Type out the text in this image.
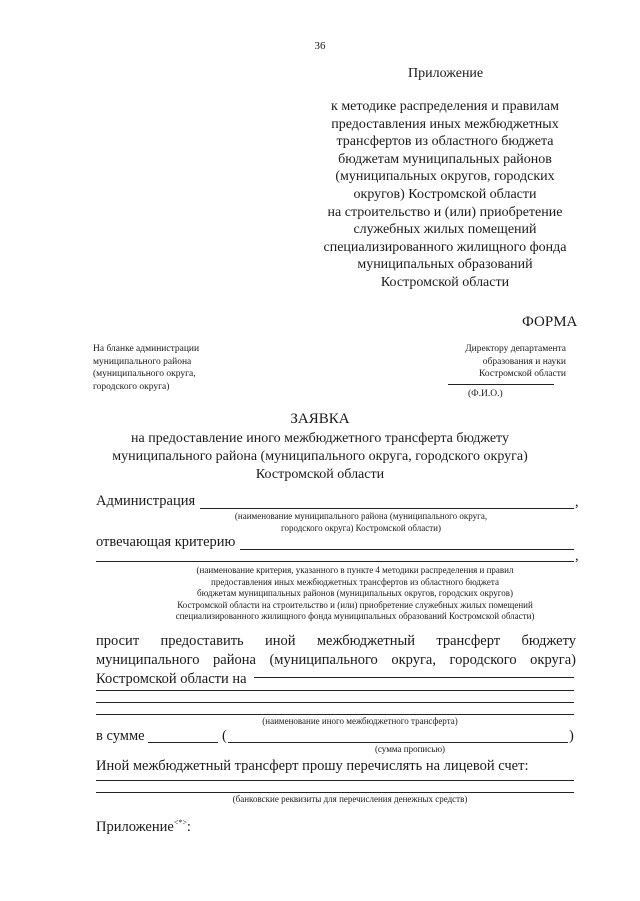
36
Приложение
к методике распределения и правилам
предоставления иных межбюджетных
трансфертов из областного бюджета
бюджетам муниципальных районов
(муниципальных округов, городских
округов) Костромской области
на строительство и (или) приобретение
служебных жилых помещений
специализированного жилищного фонда
муниципальных образований
Костромской области
ФОРМА
На бланке администрации
муниципального района
(муниципального округа,
городского округа)
Директору департамента
образования и науки
Костромской области
(Ф.И.О.)
ЗАЯВКА
на предоставление иного межбюджетного трансферта бюджету
муниципального района (муниципального округа, городского округа)
Костромской области
Администрация	,
(наименование муниципального района (муниципального округа,
городского округа) Костромской области)
отвечающая критерию
,
(наименование критерия, указанного в пункте 4 методики распределения и правил
предоставления иных межбюджетных трансфертов из областного бюджета
бюджетам муниципальных районов (муниципальных округов, городских округов)
Костромской области на строительство и (или) приобретение служебных жилых помещений
специализированного жилищного фонда муниципальных образований Костромской области)
просит предоставить иной межбюджетный трансферт бюджету
муниципального района (муниципального округа, городского округа)
Костромской области на
(наименование иного межбюджетного трансферта)
в сумме	(	)
(сумма прописью)
Иной межбюджетный трансферт прошу перечислять на лицевой счет:
(банковские реквизиты для перечисления денежных средств)
Приложение<*>:
